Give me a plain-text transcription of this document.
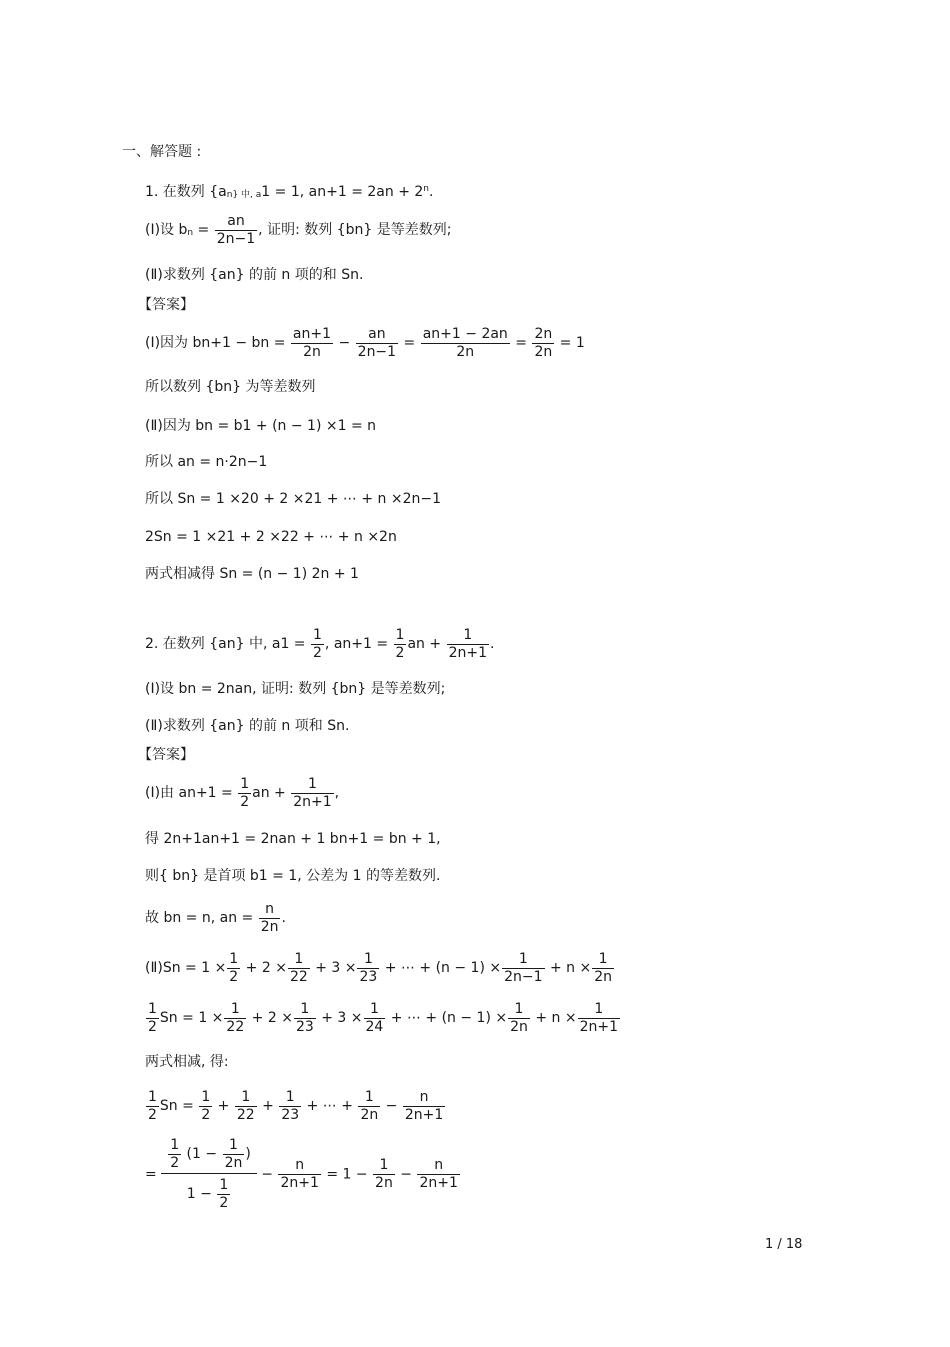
一、解答题 :
1. 在数列 {$a_{n\} 中, a}1 = 1$, $an+1 = 2an + 2^n$.
(Ⅰ)设 $b_n = \frac{an}{2n-1}$ , 证明: 数列 {bn} 是等差数列;
(Ⅱ)求数列 {an} 的前 n 项的和 Sn.
【答案】
(Ⅰ)因为 bn+1 − bn = $\frac{an+1}{2n} - \frac{an}{2n-1} = \frac{an+1 - 2an}{2n} = \frac{2n}{2n} = 1$
所以数列 {bn} 为等差数列
(Ⅱ)因为 bn = b1 + (n − 1) ×1 = n
所以 an = n·2n−1
所以 Sn = 1 ×20 + 2 ×21 + ⋯ + n ×2n−1
2Sn = 1 ×21 + 2 ×22 + ⋯ + n ×2n
两式相减得 Sn = (n − 1) 2n + 1
2. 在数列 {an} 中, $a1 = \frac{1}{2}$ , $an+1 = \frac{1}{2}$ an + $\frac{1}{2n+1}$ .
(Ⅰ)设 bn = 2nan, 证明: 数列 {bn} 是等差数列;
(Ⅱ)求数列 {an} 的前 n 项和 Sn.
【答案】
(Ⅰ)由 $an+1 = \frac{1}{2}$ an + $\frac{1}{2n+1}$ ,
得 2n+1an+1 = 2nan + 1 bn+1 = bn + 1,
则{ bn} 是首项 b1 = 1, 公差为 1 的等差数列.
故 bn = n, an = $\frac{n}{2n}$ .
(Ⅱ)Sn = $1 \times \frac{1}{2} + 2 \times \frac{1}{22} + 3 \times \frac{1}{23}$ + ⋯ + $(n - 1) \times \frac{1}{2n-1} + n \times \frac{1}{2n}$
$\frac{1}{2}$ $Sn = 1 \times \frac{1}{22} + 2 \times \frac{1}{23} + 3 \times \frac{1}{24}$ + ⋯ + $(n - 1) \times \frac{1}{2n} + n \times \frac{1}{2n+1}$
两式相减, 得:
$\frac{1}{2}$ $Sn = \frac{1}{2} + \frac{1}{22} + \frac{1}{23}$ + ⋯ + $\frac{1}{2n} - \frac{n}{2n+1}$
= $\frac{\frac{1}{2} (1 - \frac{1}{2n} )}{1 - \frac{1}{2}} - \frac{n}{2n+1} = 1 - \frac{1}{2n} - \frac{n}{2n+1}$
1 / 18
